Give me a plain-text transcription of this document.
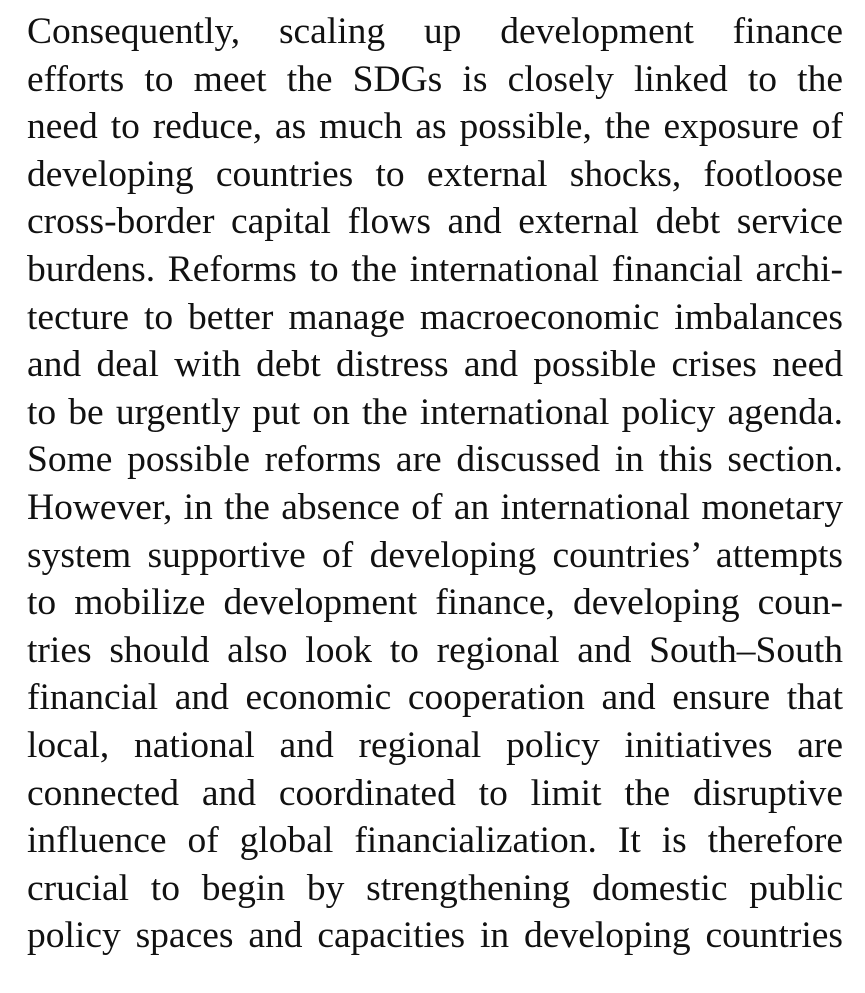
Consequently, scaling up development finance
efforts to meet the SDGs is closely linked to the
need to reduce, as much as possible, the exposure of
developing countries to external shocks, footloose
cross-border capital flows and external debt service
burdens. Reforms to the international financial archi-
tecture to better manage macroeconomic imbalances
and deal with debt distress and possible crises need
to be urgently put on the international policy agenda.
Some possible reforms are discussed in this section.
However, in the absence of an international monetary
system supportive of developing countries’ attempts
to mobilize development finance, developing coun-
tries should also look to regional and South–South
financial and economic cooperation and ensure that
local, national and regional policy initiatives are
connected and coordinated to limit the disruptive
influence of global financialization. It is therefore
crucial to begin by strengthening domestic public
policy spaces and capacities in developing countries
